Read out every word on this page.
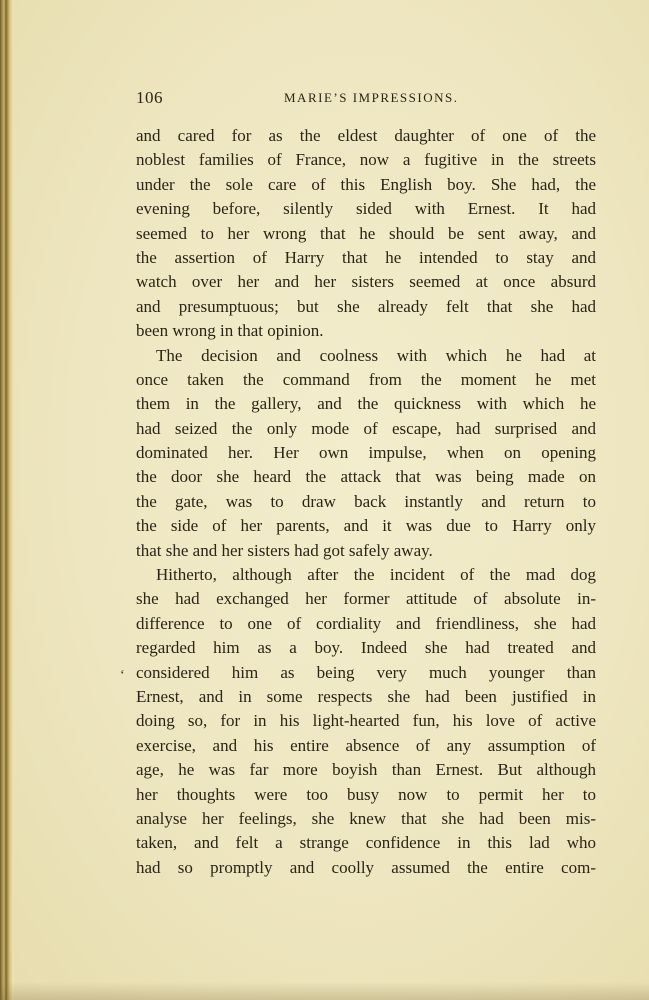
106	MARIE’S IMPRESSIONS.
‘
and cared for as the eldest daughter of one of the
noblest families of France, now a fugitive in the streets
under the sole care of this English boy. She had, the
evening before, silently sided with Ernest. It had
seemed to her wrong that he should be sent away, and
the assertion of Harry that he intended to stay and
watch over her and her sisters seemed at once absurd
and presumptuous; but she already felt that she had
been wrong in that opinion.
The decision and coolness with which he had at
once taken the command from the moment he met
them in the gallery, and the quickness with which he
had seized the only mode of escape, had surprised and
dominated her. Her own impulse, when on opening
the door she heard the attack that was being made on
the gate, was to draw back instantly and return to
the side of her parents, and it was due to Harry only
that she and her sisters had got safely away.
Hitherto, although after the incident of the mad dog
she had exchanged her former attitude of absolute in-
difference to one of cordiality and friendliness, she had
regarded him as a boy. Indeed she had treated and
considered him as being very much younger than
Ernest, and in some respects she had been justified in
doing so, for in his light-hearted fun, his love of active
exercise, and his entire absence of any assumption of
age, he was far more boyish than Ernest. But although
her thoughts were too busy now to permit her to
analyse her feelings, she knew that she had been mis-
taken, and felt a strange confidence in this lad who
had so promptly and coolly assumed the entire com-
